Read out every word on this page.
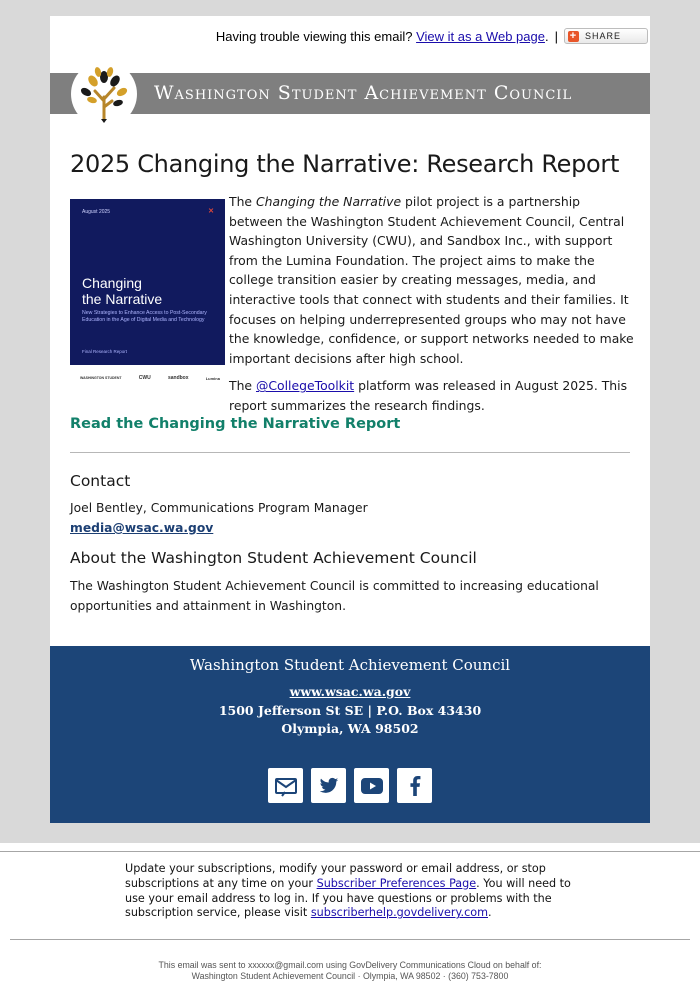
Having trouble viewing this email?
View it as a Web page . | + SHARE
Washington Student Achievement Council
2025 Changing the Narrative: Research Report
August 2025	✕
Changing
the Narrative
New Strategies to Enhance Access to Post-Secondary Education in the Age of Digital Media and Technology
Final Research Report
WASHINGTON STUDENT	CWU	sandbox	Lumina

The Changing the Narrative pilot project is a partnership between the Washington Student Achievement Council, Central Washington University (CWU), and Sandbox Inc., with support from the Lumina Foundation. The project aims to make the college transition easier by creating messages, media, and interactive tools that connect with students and their families. It focuses on helping underrepresented groups who may not have the knowledge, confidence, or support networks needed to make important decisions after high school.

The @CollegeToolkit platform was released in August 2025. This report summarizes the research findings.

Read the Changing the Narrative Report
Contact
Joel Bentley, Communications Program Manager
media@wsac.wa.gov
About the Washington Student Achievement Council
The Washington Student Achievement Council is committed to increasing educational opportunities and attainment in Washington.
Washington Student Achievement Council
www.wsac.wa.gov
1500 Jefferson St SE | P.O. Box 43430
Olympia, WA 98502
Update your subscriptions, modify your password or email address, or stop subscriptions at any time on your Subscriber Preferences Page. You will need to use your email address to log in. If you have questions or problems with the subscription service, please visit subscriberhelp.govdelivery.com.
This email was sent to xxxxxx@gmail.com using GovDelivery Communications Cloud on behalf of:
Washington Student Achievement Council · Olympia, WA 98502 · (360) 753-7800
